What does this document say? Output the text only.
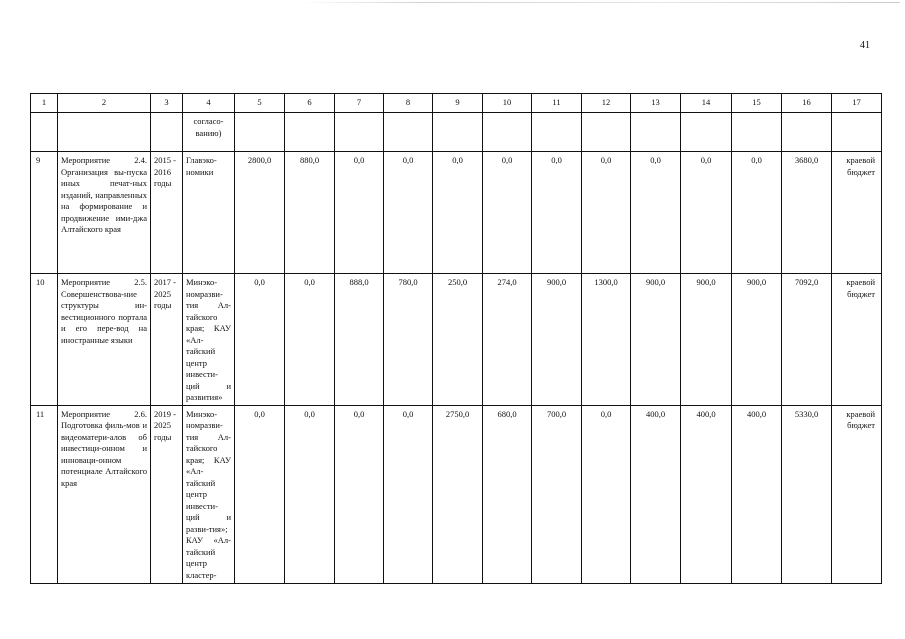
41
1	2	3	4	5	6	7	8	9	10	11	12	13	14	15	16	17
			согласо-
ванию)													
9	Мероприятие 2.4. Организация вы-пуска иных печат-ных изданий, направленных на формирование и продвижение ими-джа Алтайского края	2015 - 2016 годы	Главэко-номики	2800,0	880,0	0,0	0,0	0,0	0,0	0,0	0,0	0,0	0,0	0,0	3680,0	краевой бюджет
10	Мероприятие 2.5. Совершенствова-ние структуры ин-вестиционного портала и его пере-вод на иностранные языки	2017 - 2025 годы	Минэко-номразви-тия Ал-тайского края; КАУ «Ал-тайский центр инвести-ций и развития»	0,0	0,0	888,0	780,0	250,0	274,0	900,0	1300,0	900,0	900,0	900,0	7092,0	краевой бюджет
11	Мероприятие 2.6. Подготовка филь-мов и видеоматери-алов об инвестици-онном и инноваци-онном потенциале Алтайского края	2019 - 2025 годы	Минэко-номразви-тия Ал-тайского края; КАУ «Ал-тайский центр инвести-ций и разви-тия»; КАУ «Ал-тайский центр кластер-	0,0	0,0	0,0	0,0	2750,0	680,0	700,0	0,0	400,0	400,0	400,0	5330,0	краевой бюджет
